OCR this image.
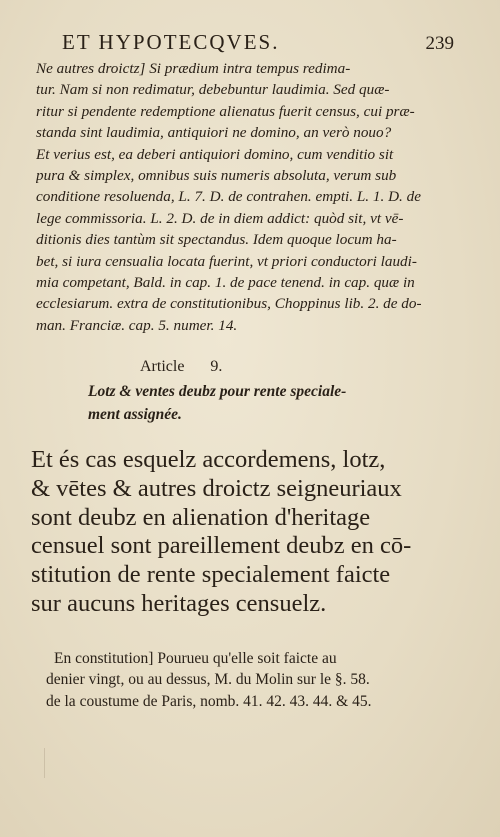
ET HYPOTECQVES.	239
Ne autres droictz] Si prædium intra tempus redima-
tur. Nam si non redimatur, debebuntur laudimia. Sed quæ-
ritur si pendente redemptione alienatus fuerit census, cui præ-
standa sint laudimia, antiquiori ne domino, an verò nouo?
Et verius est, ea deberi antiquiori domino, cum venditio sit
pura & simplex, omnibus suis numeris absoluta, verum sub
conditione resoluenda, L. 7. D. de contrahen. empti. L. 1. D. de
lege commissoria. L. 2. D. de in diem addict: quòd sit, vt vē-
ditionis dies tantùm sit spectandus. Idem quoque locum ha-
bet, si iura censualia locata fuerint, vt priori conductori laudi-
mia competant, Bald. in cap. 1. de pace tenend. in cap. quæ in
ecclesiarum. extra de constitutionibus, Choppinus lib. 2. de do-
man. Franciæ. cap. 5. numer. 14.
Article 9.
Lotz & ventes deubz pour rente speciale-
ment assignée.
Et és cas esquelz accordemens, lotz,
& vētes & autres droictz seigneuriaux
sont deubz en alienation d'heritage
censuel sont pareillement deubz en cō-
stitution de rente specialement faicte
sur aucuns heritages censuelz.
En constitution] Pourueu qu'elle soit faicte au
denier vingt, ou au dessus, M. du Molin sur le §. 58.
de la coustume de Paris, nomb. 41. 42. 43. 44. & 45.
